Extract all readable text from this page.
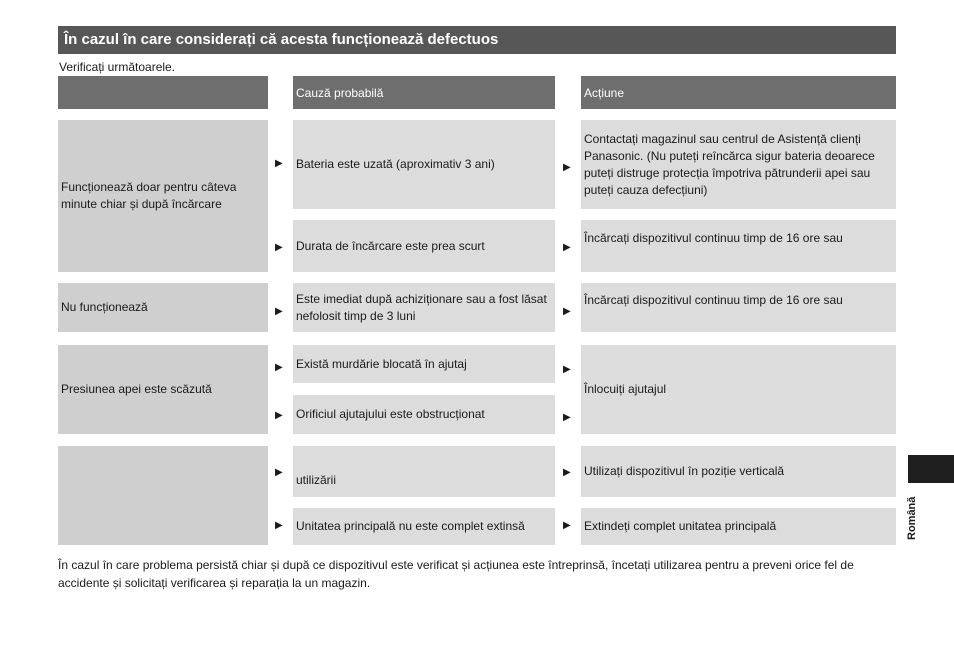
În cazul în care considerați că acesta funcționează defectuos
Verificați următoarele.
Cauză probabilă	Acțiune
Funcționează doar pentru câteva minute chiar și după încărcare
Bateria este uzată (aproximativ 3 ani)
Contactați magazinul sau centrul de Asistență clienți Panasonic. (Nu puteți reîncărca sigur bateria deoarece puteți distruge protecția împotriva pătrunderii apei sau puteți cauza defecțiuni)
Durata de încărcare este prea scurt
Încărcați dispozitivul continuu timp de 16 ore sau
Nu funcționează
Este imediat după achiziționare sau a fost lăsat nefolosit timp de 3 luni
Încărcați dispozitivul continuu timp de 16 ore sau
Presiunea apei este scăzută
Există murdărie blocată în ajutaj
Orificiul ajutajului este obstrucționat
Înlocuiți ajutajul
utilizării
Utilizați dispozitivul în poziție verticală
Unitatea principală nu este complet extinsă	Extindeți complet unitatea principală
▶
▶
▶
▶
▶
▶
▶
▶
▶
▶
▶
▶
▶
▶
În cazul în care problema persistă chiar și după ce dispozitivul este verificat și acțiunea este întreprinsă, încetați utilizarea pentru a preveni orice fel de accidente și solicitați verificarea și reparația la un magazin.
Română
